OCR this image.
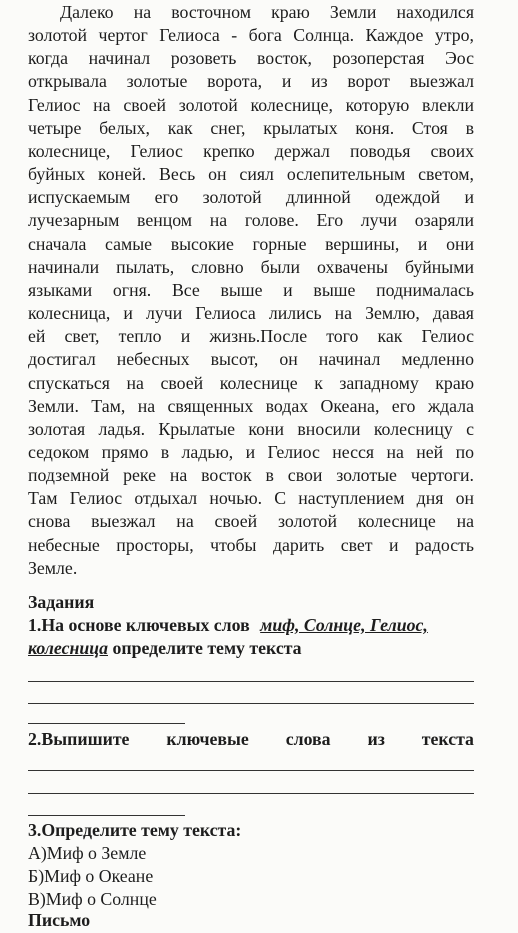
Далеко на восточном краю Земли находился
золотой чертог Гелиоса - бога Солнца. Каждое утро,
когда начинал розоветь восток, розоперстая Эос
открывала золотые ворота, и из ворот выезжал
Гелиос на своей золотой колеснице, которую влекли
четыре белых, как снег, крылатых коня. Стоя в
колеснице, Гелиос крепко держал поводья своих
буйных коней. Весь он сиял ослепительным светом,
испускаемым его золотой длинной одеждой и
лучезарным венцом на голове. Его лучи озаряли
сначала самые высокие горные вершины, и они
начинали пылать, словно были охвачены буйными
языками огня. Все выше и выше поднималась
колесница, и лучи Гелиоса лились на Землю, давая
ей свет, тепло и жизнь.После того как Гелиос
достигал небесных высот, он начинал медленно
спускаться на своей колеснице к западному краю
Земли. Там, на священных водах Океана, его ждала
золотая ладья. Крылатые кони вносили колесницу с
седоком прямо в ладью, и Гелиос несся на ней по
подземной реке на восток в свои золотые чертоги.
Там Гелиос отдыхал ночью. С наступлением дня он
снова выезжал на своей золотой колеснице на
небесные просторы, чтобы дарить свет и радость
Земле.
Задания
1.На основе ключевых слов миф, Солнце, Гелиос,
колесница определите тему текста
2.Выпишите ключевые слова из текста
3.Определите тему текста:
А)Миф о Земле
Б)Миф о Океане
В)Миф о Солнце
Письмо
